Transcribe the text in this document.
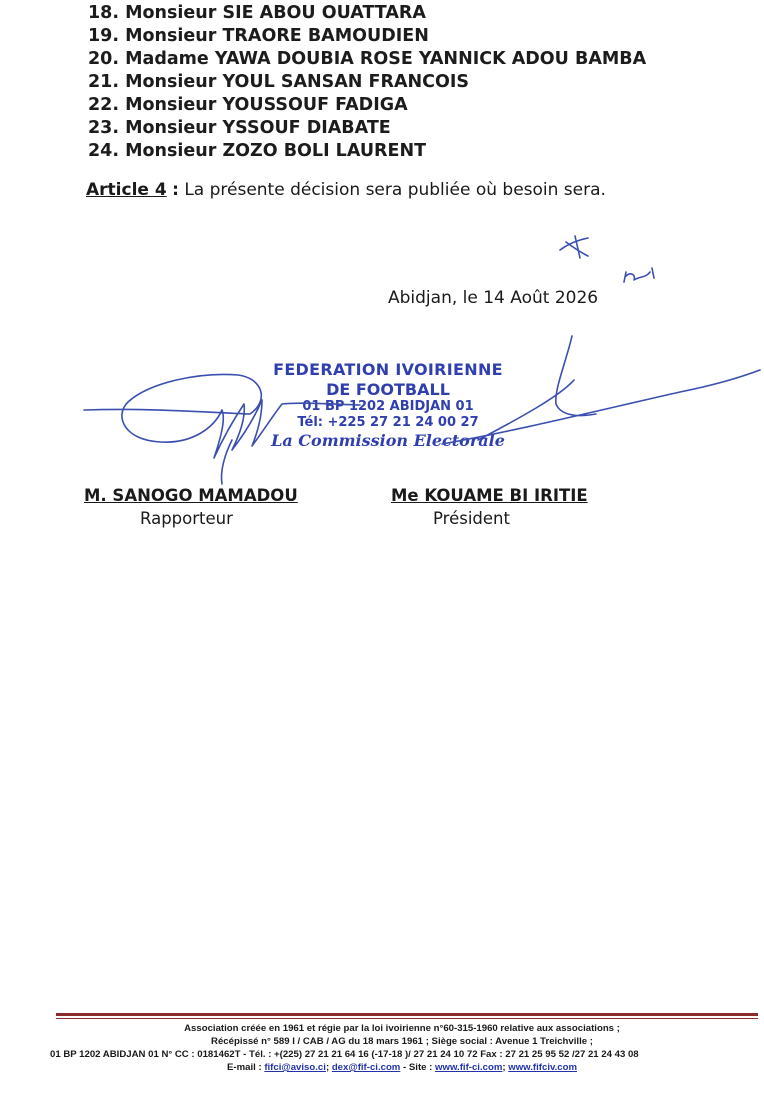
18. Monsieur SIE ABOU OUATTARA
19. Monsieur TRAORE BAMOUDIEN
20. Madame YAWA DOUBIA ROSE YANNICK ADOU BAMBA
21. Monsieur YOUL SANSAN FRANCOIS
22. Monsieur YOUSSOUF FADIGA
23. Monsieur YSSOUF DIABATE
24. Monsieur ZOZO BOLI LAURENT
Article 4 : La présente décision sera publiée où besoin sera.
Abidjan, le 14 Août 2026
FEDERATION IVOIRIENNE
DE FOOTBALL
01 BP 1202 ABIDJAN 01
Tél: +225 27 21 24 00 27
La Commission Electorale
M. SANOGO MAMADOU
Rapporteur
Me KOUAME BI IRITIE
Président
Association créée en 1961 et régie par la loi ivoirienne n°60-315-1960 relative aux associations ;
Récépissé n° 589 I / CAB / AG du 18 mars 1961 ; Siège social : Avenue 1 Treichville ;
01 BP 1202 ABIDJAN 01 N° CC : 0181462T - Tél. : +(225) 27 21 21 64 16 (-17-18 )/ 27 21 24 10 72 Fax : 27 21 25 95 52 /27 21 24 43 08
E-mail : fifci@aviso.ci; dex@fif-ci.com - Site : www.fif-ci.com; www.fifciv.com
